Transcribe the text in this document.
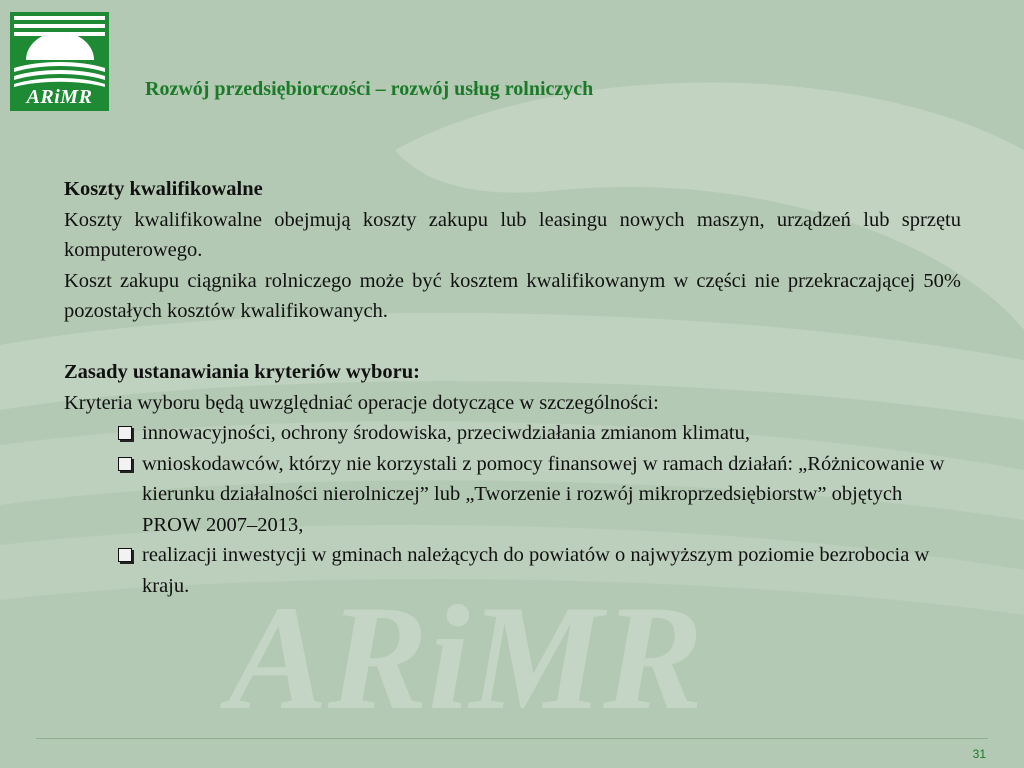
ARiMR
ARiMR	Rozwój przedsiębiorczości – rozwój usług rolniczych

Koszty kwalifikowalne

Koszty kwalifikowalne obejmują koszty zakupu lub leasingu nowych maszyn, urządzeń lub sprzętu komputerowego.

Koszt zakupu ciągnika rolniczego może być kosztem kwalifikowanym w części nie przekraczającej 50% pozostałych kosztów kwalifikowanych.

Zasady ustanawiania kryteriów wyboru:

Kryteria wyboru będą uwzględniać operacje dotyczące w szczególności:

innowacyjności, ochrony środowiska, przeciwdziałania zmianom klimatu,
wnioskodawców, którzy nie korzystali z pomocy finansowej w ramach działań: „Różnicowanie w kierunku działalności nierolniczej” lub „Tworzenie i rozwój mikroprzedsiębiorstw” objętych PROW 2007–2013,
realizacji inwestycji w gminach należących do powiatów o najwyższym poziomie bezrobocia w kraju.
31
